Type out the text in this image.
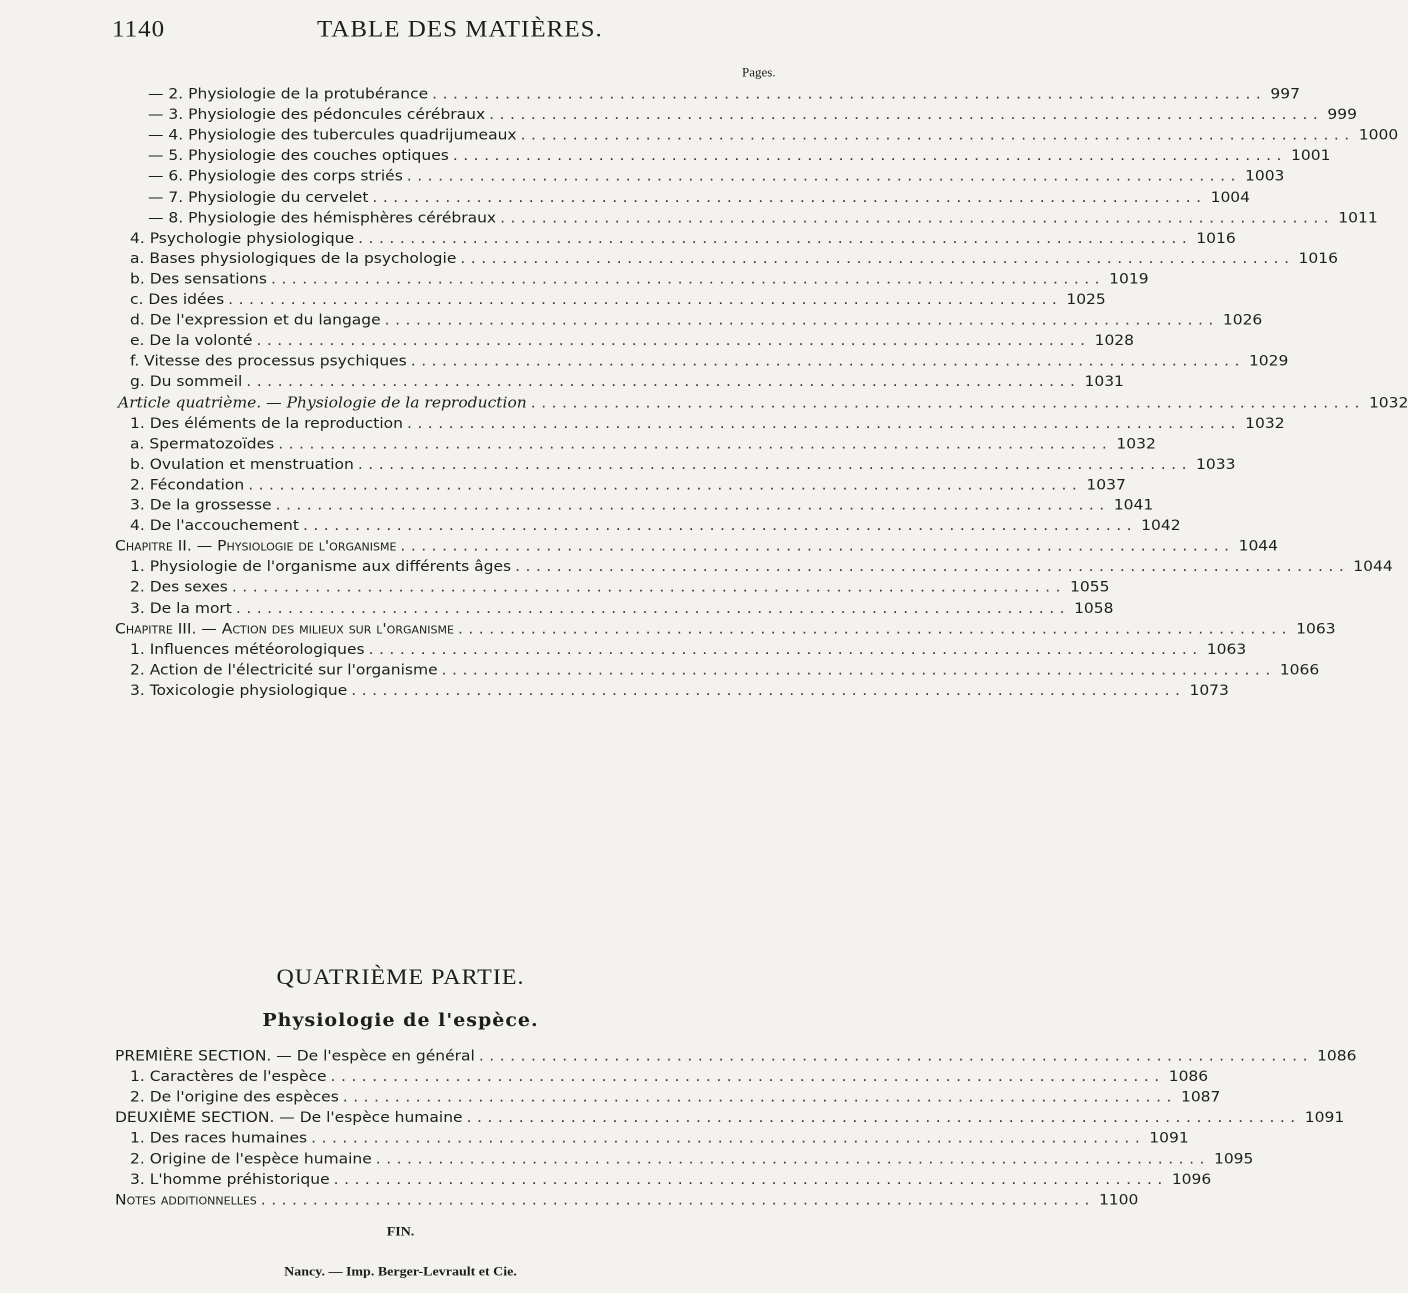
1140	TABLE DES MATIÈRES.
Pages.
— 2. Physiologie de la protubérance ................................................................................ 997
— 3. Physiologie des pédoncules cérébraux ................................................................................ 999
— 4. Physiologie des tubercules quadrijumeaux ................................................................................ 1000
— 5. Physiologie des couches optiques ................................................................................ 1001
— 6. Physiologie des corps striés ................................................................................ 1003
— 7. Physiologie du cervelet ................................................................................ 1004
— 8. Physiologie des hémisphères cérébraux ................................................................................ 1011
4. Psychologie physiologique ................................................................................ 1016
a. Bases physiologiques de la psychologie ................................................................................ 1016
b. Des sensations ................................................................................ 1019
c. Des idées ................................................................................ 1025
d. De l'expression et du langage ................................................................................ 1026
e. De la volonté ................................................................................ 1028
f. Vitesse des processus psychiques ................................................................................ 1029
g. Du sommeil ................................................................................ 1031
Article quatrième. — Physiologie de la reproduction ................................................................................ 1032
1. Des éléments de la reproduction ................................................................................ 1032
a. Spermatozoïdes ................................................................................ 1032
b. Ovulation et menstruation ................................................................................ 1033
2. Fécondation ................................................................................ 1037
3. De la grossesse ................................................................................ 1041
4. De l'accouchement ................................................................................ 1042
Chapitre II. — Physiologie de l'organisme ................................................................................ 1044
1. Physiologie de l'organisme aux différents âges ................................................................................ 1044
2. Des sexes ................................................................................ 1055
3. De la mort ................................................................................ 1058
Chapitre III. — Action des milieux sur l'organisme ................................................................................ 1063
1. Influences météorologiques ................................................................................ 1063
2. Action de l'électricité sur l'organisme ................................................................................ 1066
3. Toxicologie physiologique ................................................................................ 1073
QUATRIÈME PARTIE.
Physiologie de l'espèce.
PREMIÈRE SECTION. — De l'espèce en général ................................................................................ 1086
1. Caractères de l'espèce ................................................................................ 1086
2. De l'origine des espèces ................................................................................ 1087
DEUXIÈME SECTION. — De l'espèce humaine ................................................................................ 1091
1. Des races humaines ................................................................................ 1091
2. Origine de l'espèce humaine ................................................................................ 1095
3. L'homme préhistorique ................................................................................ 1096
Notes additionnelles ................................................................................ 1100
FIN.
Nancy. — Imp. Berger-Levrault et Cie.
